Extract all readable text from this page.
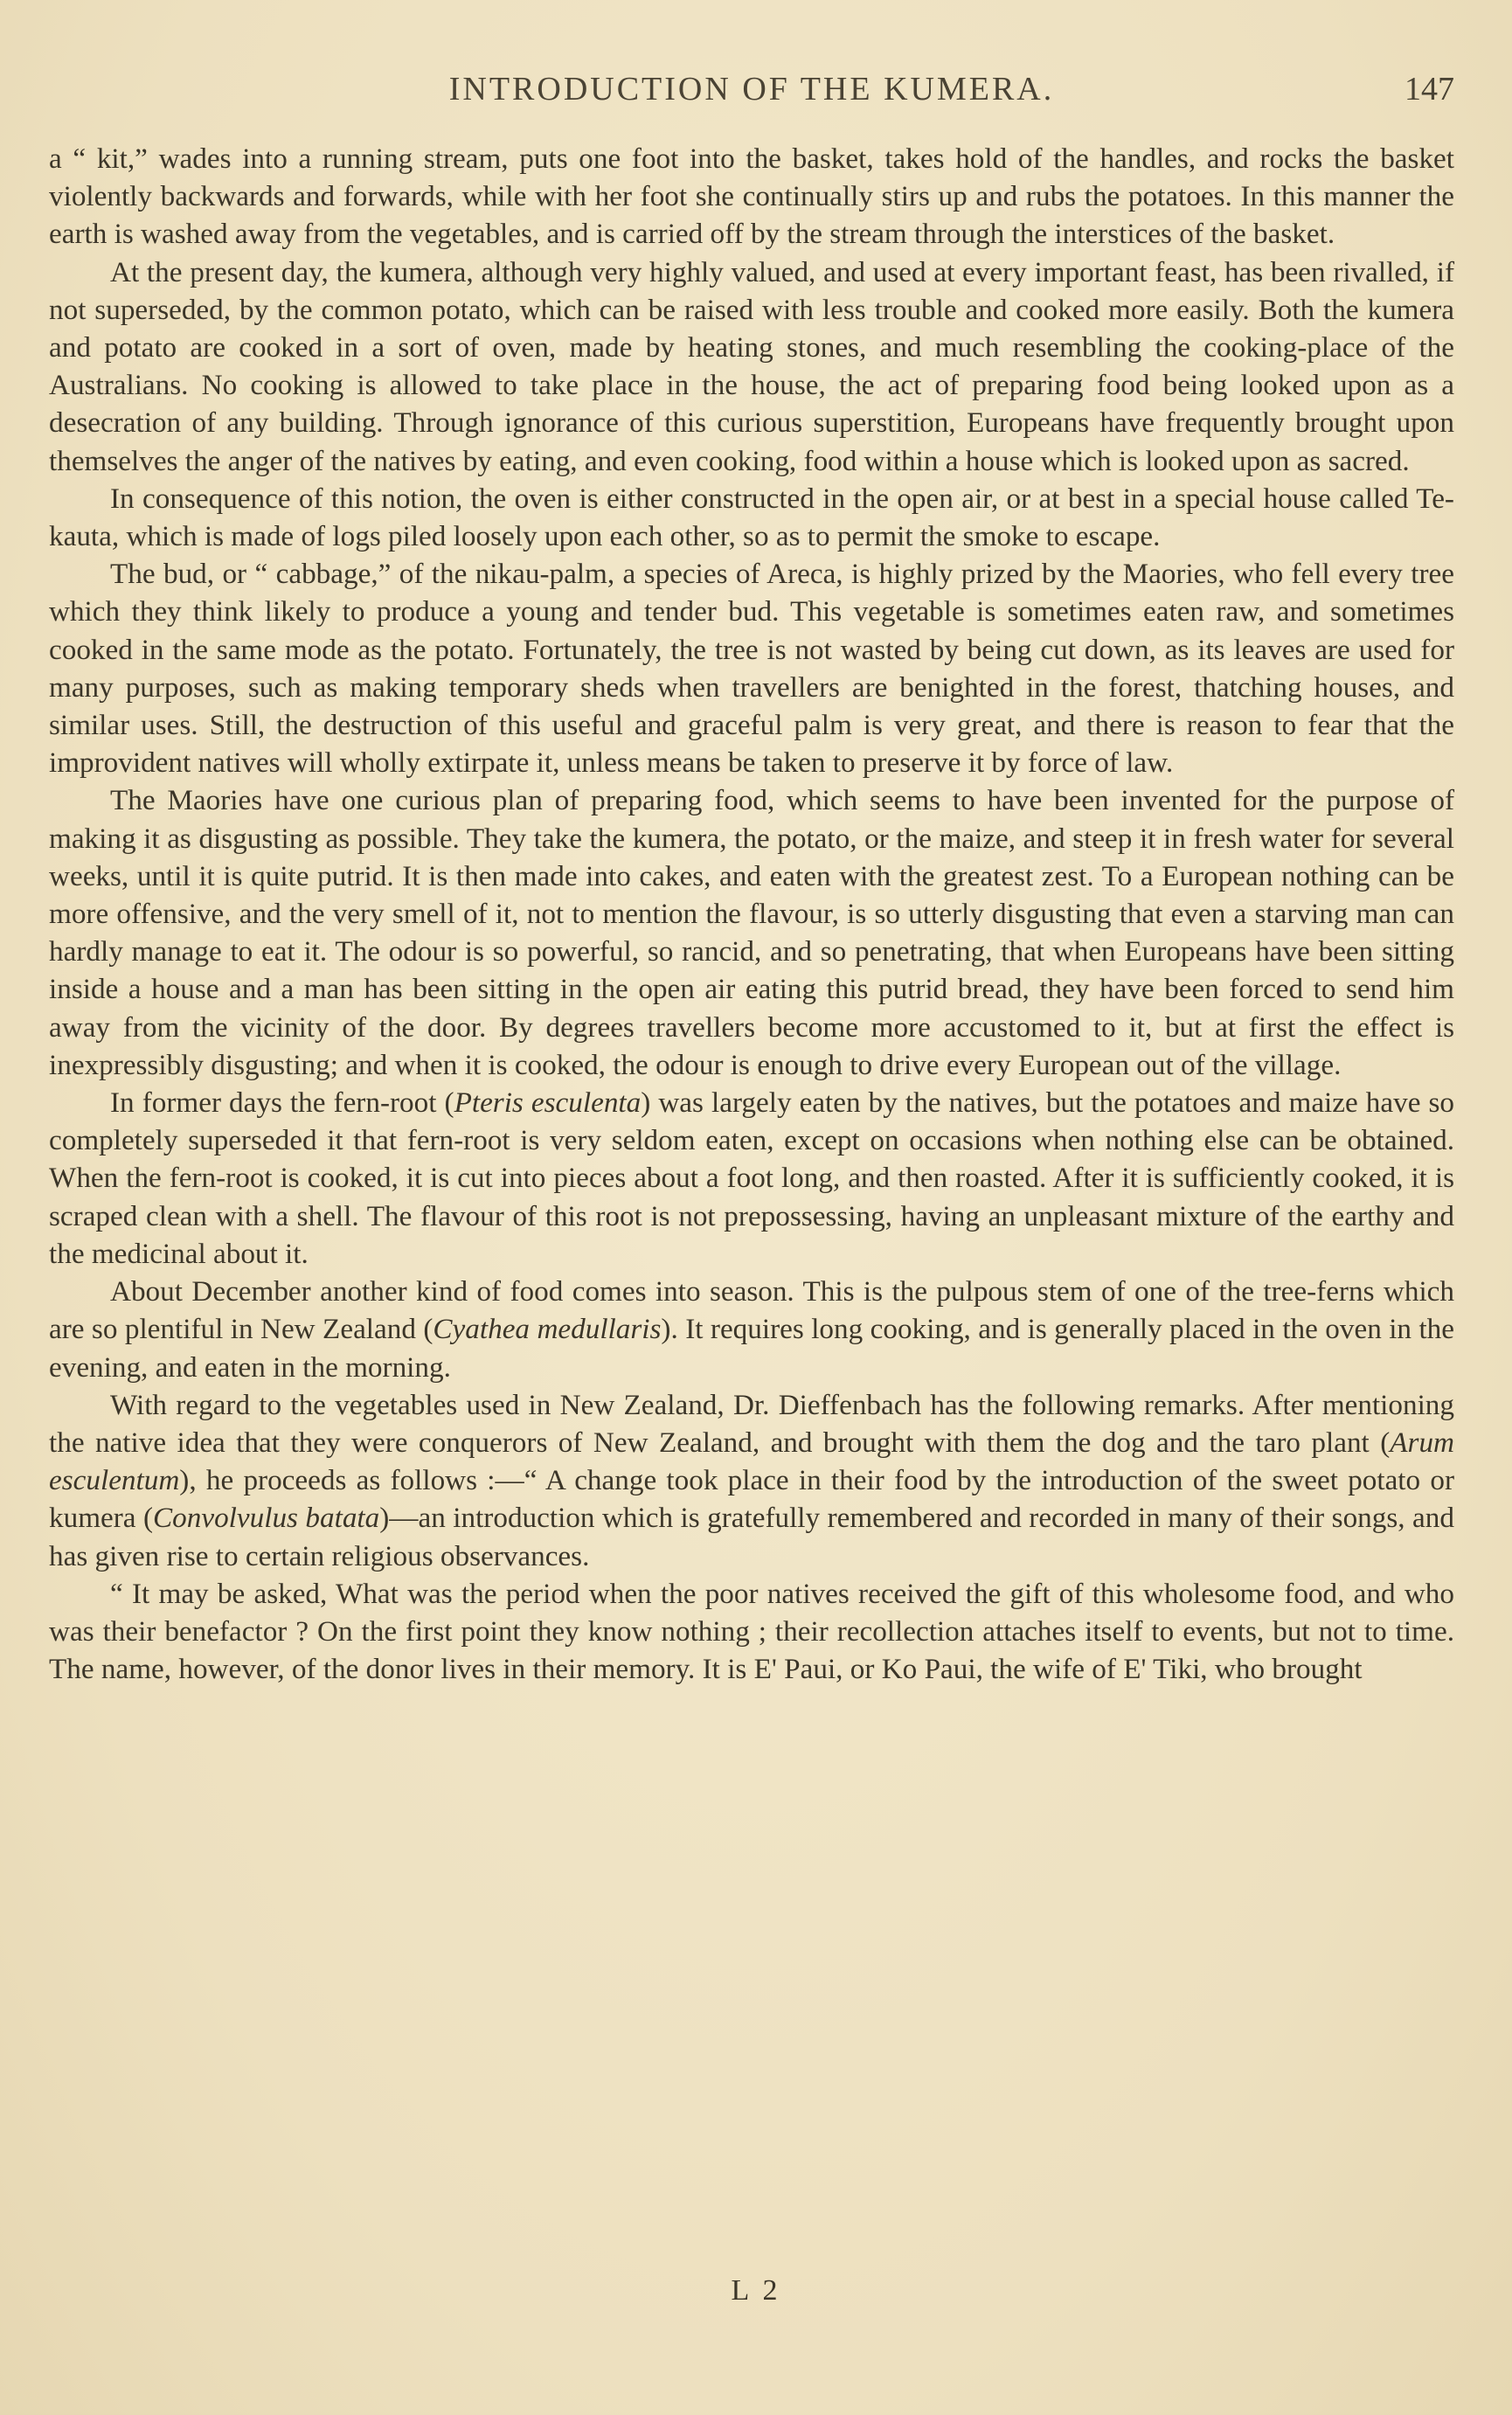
INTRODUCTION OF THE KUMERA.	147

a “ kit,” wades into a running stream, puts one foot into the basket, takes hold of the handles, and rocks the basket violently backwards and forwards, while with her foot she continually stirs up and rubs the potatoes. In this manner the earth is washed away from the vegetables, and is carried off by the stream through the interstices of the basket.

At the present day, the kumera, although very highly valued, and used at every important feast, has been rivalled, if not superseded, by the common potato, which can be raised with less trouble and cooked more easily. Both the kumera and potato are cooked in a sort of oven, made by heating stones, and much resembling the cooking-place of the Australians. No cooking is allowed to take place in the house, the act of preparing food being looked upon as a desecration of any building. Through ignorance of this curious superstition, Europeans have frequently brought upon themselves the anger of the natives by eating, and even cooking, food within a house which is looked upon as sacred.

In consequence of this notion, the oven is either constructed in the open air, or at best in a special house called Te-kauta, which is made of logs piled loosely upon each other, so as to permit the smoke to escape.

The bud, or “ cabbage,” of the nikau-palm, a species of Areca, is highly prized by the Maories, who fell every tree which they think likely to produce a young and tender bud. This vegetable is sometimes eaten raw, and sometimes cooked in the same mode as the potato. Fortunately, the tree is not wasted by being cut down, as its leaves are used for many purposes, such as making temporary sheds when travellers are benighted in the forest, thatching houses, and similar uses. Still, the destruction of this useful and graceful palm is very great, and there is reason to fear that the improvident natives will wholly extirpate it, unless means be taken to preserve it by force of law.

The Maories have one curious plan of preparing food, which seems to have been invented for the purpose of making it as disgusting as possible. They take the kumera, the potato, or the maize, and steep it in fresh water for several weeks, until it is quite putrid. It is then made into cakes, and eaten with the greatest zest. To a European nothing can be more offensive, and the very smell of it, not to mention the flavour, is so utterly disgusting that even a starving man can hardly manage to eat it. The odour is so powerful, so rancid, and so penetrating, that when Europeans have been sitting inside a house and a man has been sitting in the open air eating this putrid bread, they have been forced to send him away from the vicinity of the door. By degrees travellers become more accustomed to it, but at first the effect is inexpressibly disgusting; and when it is cooked, the odour is enough to drive every European out of the village.

In former days the fern-root (Pteris esculenta) was largely eaten by the natives, but the potatoes and maize have so completely superseded it that fern-root is very seldom eaten, except on occasions when nothing else can be obtained. When the fern-root is cooked, it is cut into pieces about a foot long, and then roasted. After it is sufficiently cooked, it is scraped clean with a shell. The flavour of this root is not prepossessing, having an unpleasant mixture of the earthy and the medicinal about it.

About December another kind of food comes into season. This is the pulpous stem of one of the tree-ferns which are so plentiful in New Zealand (Cyathea medullaris). It requires long cooking, and is generally placed in the oven in the evening, and eaten in the morning.

With regard to the vegetables used in New Zealand, Dr. Dieffenbach has the following remarks. After mentioning the native idea that they were conquerors of New Zealand, and brought with them the dog and the taro plant (Arum esculentum), he proceeds as follows :—“ A change took place in their food by the introduction of the sweet potato or kumera (Convolvulus batata)—an introduction which is gratefully remembered and recorded in many of their songs, and has given rise to certain religious observances.

“ It may be asked, What was the period when the poor natives received the gift of this wholesome food, and who was their benefactor ? On the first point they know nothing ; their recollection attaches itself to events, but not to time. The name, however, of the donor lives in their memory. It is E' Paui, or Ko Paui, the wife of E' Tiki, who brought

L 2
